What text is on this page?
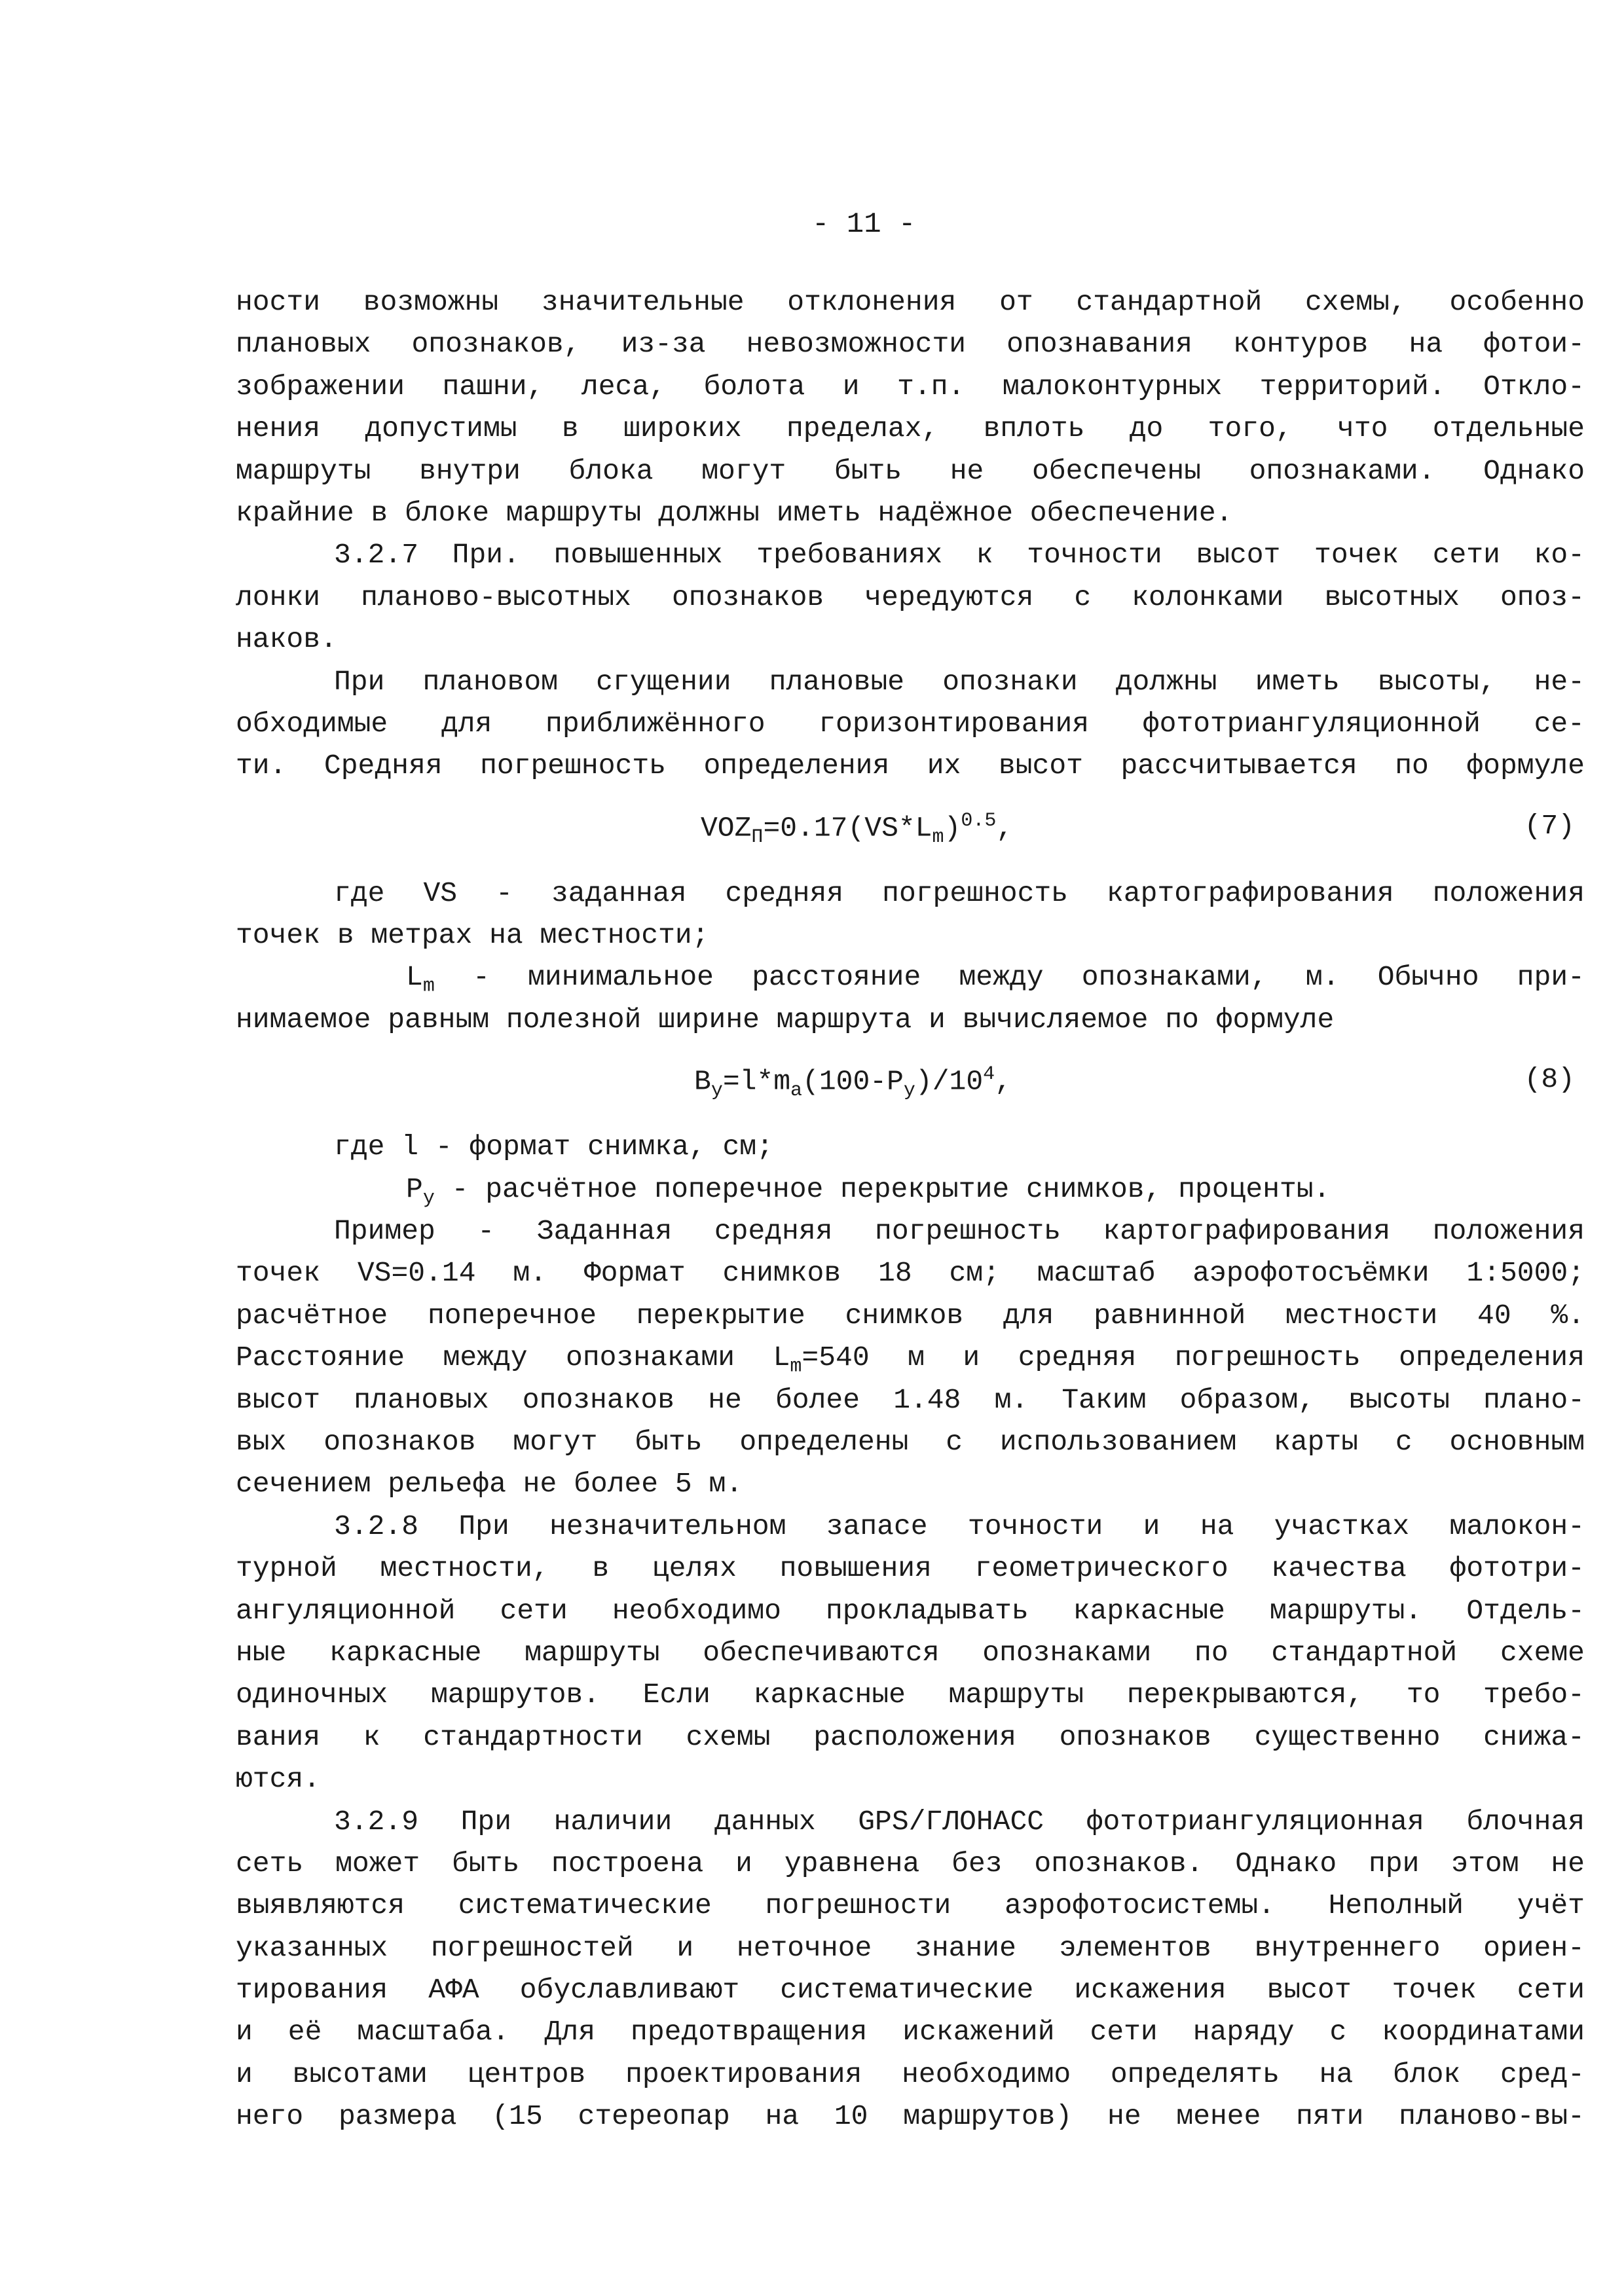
- 11 -
ности возможны значительные отклонения от стандартной схемы, особенно
плановых опознаков, из-за невозможности опознавания контуров на фотои-
зображении пашни, леса, болота и т.п. малоконтурных территорий. Откло-
нения допустимы в широких пределах, вплоть до того, что отдельные
маршруты внутри блока могут быть не обеспечены опознаками. Однако
крайние в блоке маршруты должны иметь надёжное обеспечение.
3.2.7 При. повышенных требованиях к точности высот точек сети ко-
лонки планово-высотных опознаков чередуются с колонками высотных опоз-
наков.
При плановом сгущении плановые опознаки должны иметь высоты, не-
обходимые для приближённого горизонтирования фототриангуляционной се-
ти. Средняя погрешность определения их высот рассчитывается по формуле
$VOZ_П=0.17(VS*L_m)^{0.5}$,	(7)
где VS - заданная средняя погрешность картографирования положения
точек в метрах на местности;
$L_m$ - минимальное расстояние между опознаками, м. Обычно при-
нимаемое равным полезной ширине маршрута и вычисляемое по формуле
$B_y=l*m_a(100-P_y)/10^4$,	(8)
где l - формат снимка, см;
$P_y$ - расчётное поперечное перекрытие снимков, проценты.
Пример - Заданная средняя погрешность картографирования положения
точек VS=0.14 м. Формат снимков 18 см; масштаб аэрофотосъёмки 1:5000;
расчётное поперечное перекрытие снимков для равнинной местности 40 %.
Расстояние между опознаками $L_m=540$ м и средняя погрешность определения
высот плановых опознаков не более 1.48 м. Таким образом, высоты плано-
вых опознаков могут быть определены с использованием карты с основным
сечением рельефа не более 5 м.
3.2.8 При незначительном запасе точности и на участках малокон-
турной местности, в целях повышения геометрического качества фототри-
ангуляционной сети необходимо прокладывать каркасные маршруты. Отдель-
ные каркасные маршруты обеспечиваются опознаками по стандартной схеме
одиночных маршрутов. Если каркасные маршруты перекрываются, то требо-
вания к стандартности схемы расположения опознаков существенно снижа-
ются.
3.2.9 При наличии данных GPS/ГЛОНАСС фототриангуляционная блочная
сеть может быть построена и уравнена без опознаков. Однако при этом не
выявляются систематические погрешности аэрофотосистемы. Неполный учёт
указанных погрешностей и неточное знание элементов внутреннего ориен-
тирования АФА обуславливают систематические искажения высот точек сети
и её масштаба. Для предотвращения искажений сети наряду с координатами
и высотами центров проектирования необходимо определять на блок сред-
него размера (15 стереопар на 10 маршрутов) не менее пяти планово-вы-
